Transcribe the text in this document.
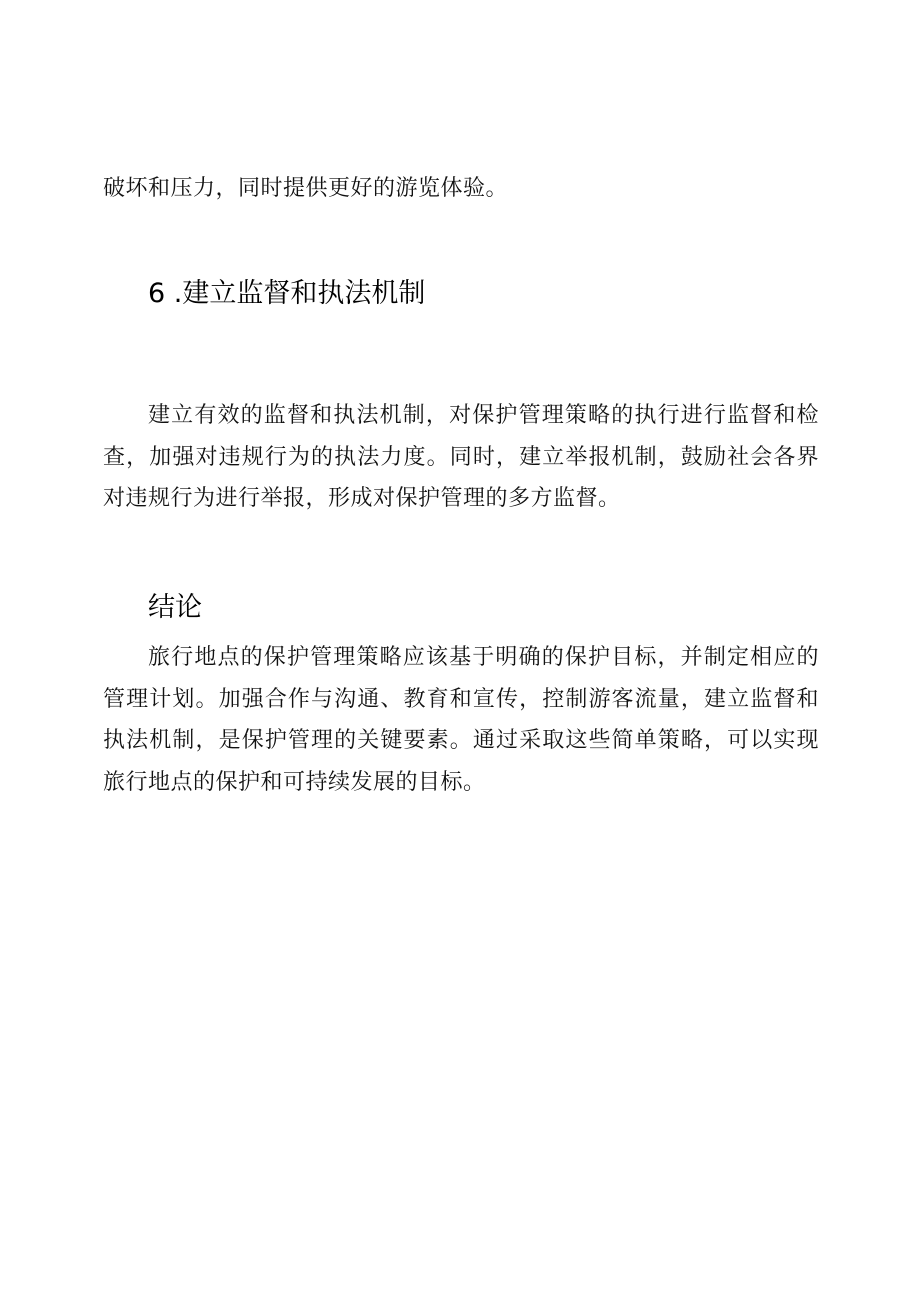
破坏和压力，同时提供更好的游览体验。

6 .建立监督和执法机制

建立有效的监督和执法机制，对保护管理策略的执行进行监督和检查，加强对违规行为的执法力度。同时，建立举报机制，鼓励社会各界对违规行为进行举报，形成对保护管理的多方监督。

结论

旅行地点的保护管理策略应该基于明确的保护目标，并制定相应的管理计划。加强合作与沟通、教育和宣传，控制游客流量，建立监督和执法机制，是保护管理的关键要素。通过采取这些简单策略，可以实现旅行地点的保护和可持续发展的目标。
